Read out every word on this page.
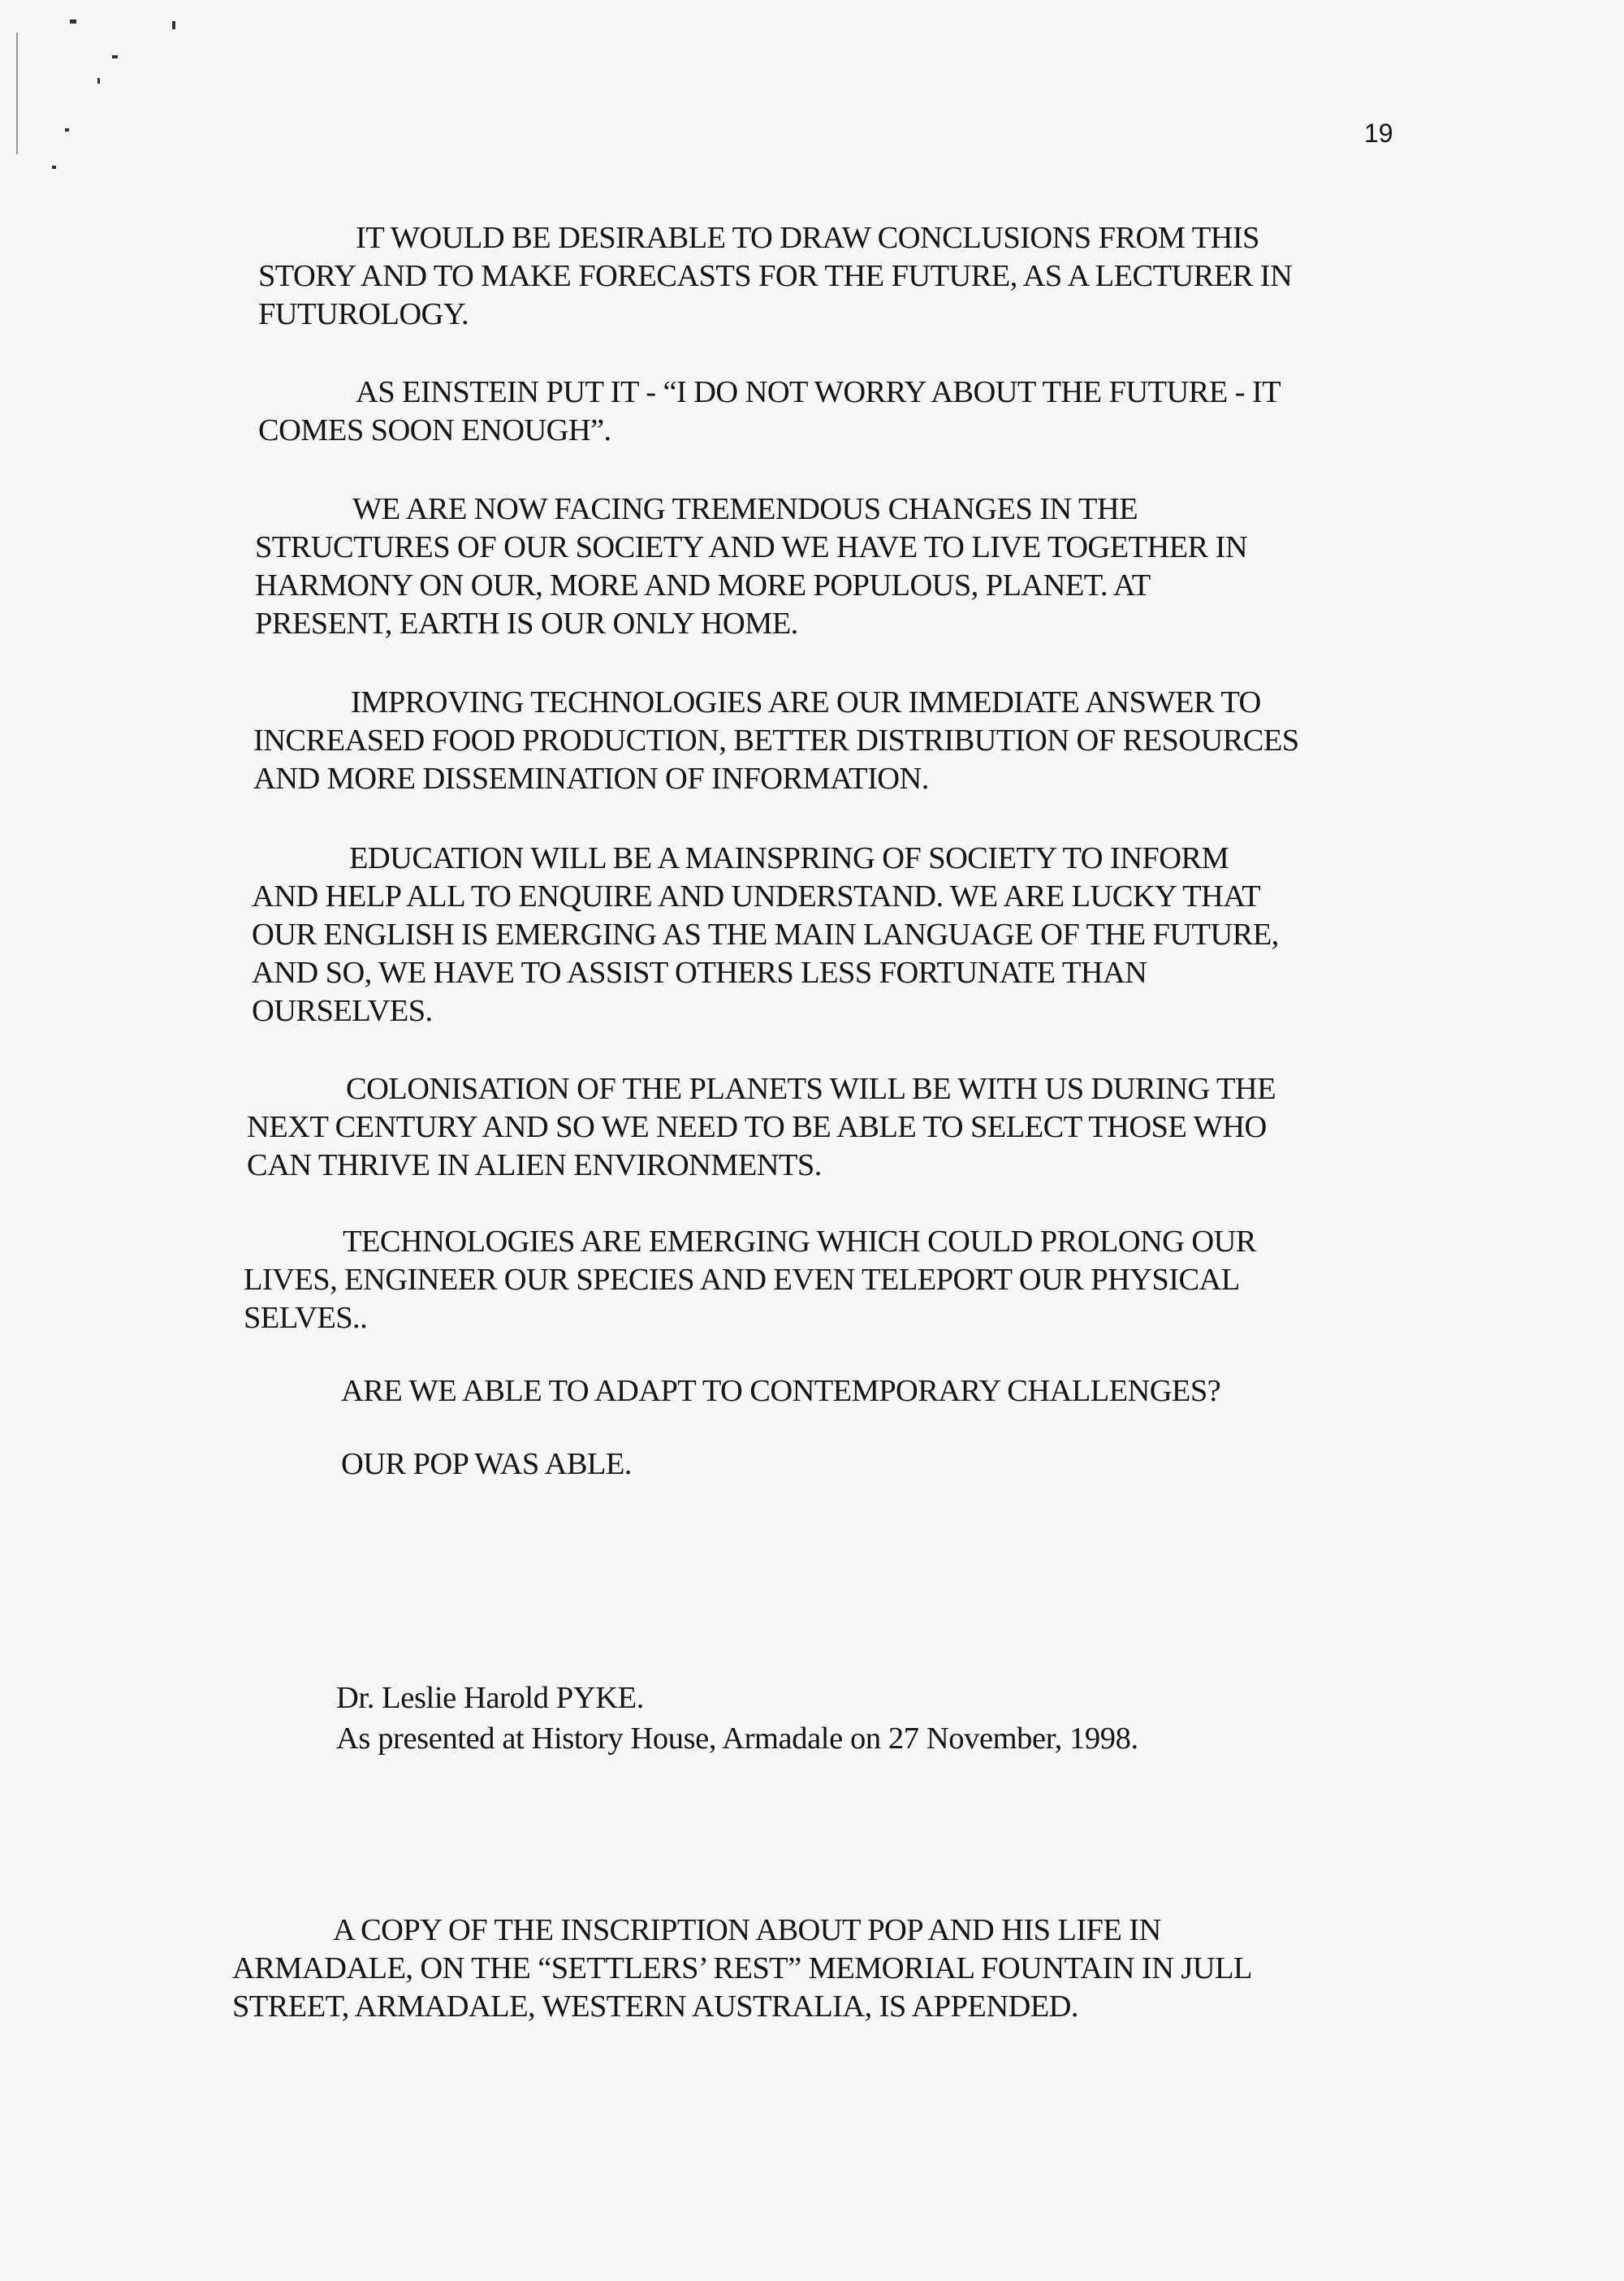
19

IT WOULD BE DESIRABLE TO DRAW CONCLUSIONS FROM THIS
STORY AND TO MAKE FORECASTS FOR THE FUTURE, AS A LECTURER IN
FUTUROLOGY.
AS EINSTEIN PUT IT - “I DO NOT WORRY ABOUT THE FUTURE - IT
COMES SOON ENOUGH”.
WE ARE NOW FACING TREMENDOUS CHANGES IN THE
STRUCTURES OF OUR SOCIETY AND WE HAVE TO LIVE TOGETHER IN
HARMONY ON OUR, MORE AND MORE POPULOUS, PLANET. AT
PRESENT, EARTH IS OUR ONLY HOME.
IMPROVING TECHNOLOGIES ARE OUR IMMEDIATE ANSWER TO
INCREASED FOOD PRODUCTION, BETTER DISTRIBUTION OF RESOURCES
AND MORE DISSEMINATION OF INFORMATION.
EDUCATION WILL BE A MAINSPRING OF SOCIETY TO INFORM
AND HELP ALL TO ENQUIRE AND UNDERSTAND. WE ARE LUCKY THAT
OUR ENGLISH IS EMERGING AS THE MAIN LANGUAGE OF THE FUTURE,
AND SO, WE HAVE TO ASSIST OTHERS LESS FORTUNATE THAN
OURSELVES.
COLONISATION OF THE PLANETS WILL BE WITH US DURING THE
NEXT CENTURY AND SO WE NEED TO BE ABLE TO SELECT THOSE WHO
CAN THRIVE IN ALIEN ENVIRONMENTS.
TECHNOLOGIES ARE EMERGING WHICH COULD PROLONG OUR
LIVES, ENGINEER OUR SPECIES AND EVEN TELEPORT OUR PHYSICAL
SELVES..
ARE WE ABLE TO ADAPT TO CONTEMPORARY CHALLENGES?
OUR POP WAS ABLE.
Dr. Leslie Harold PYKE.
As presented at History House, Armadale on 27 November, 1998.
A COPY OF THE INSCRIPTION ABOUT POP AND HIS LIFE IN
ARMADALE, ON THE “SETTLERS’ REST” MEMORIAL FOUNTAIN IN JULL
STREET, ARMADALE, WESTERN AUSTRALIA, IS APPENDED.
